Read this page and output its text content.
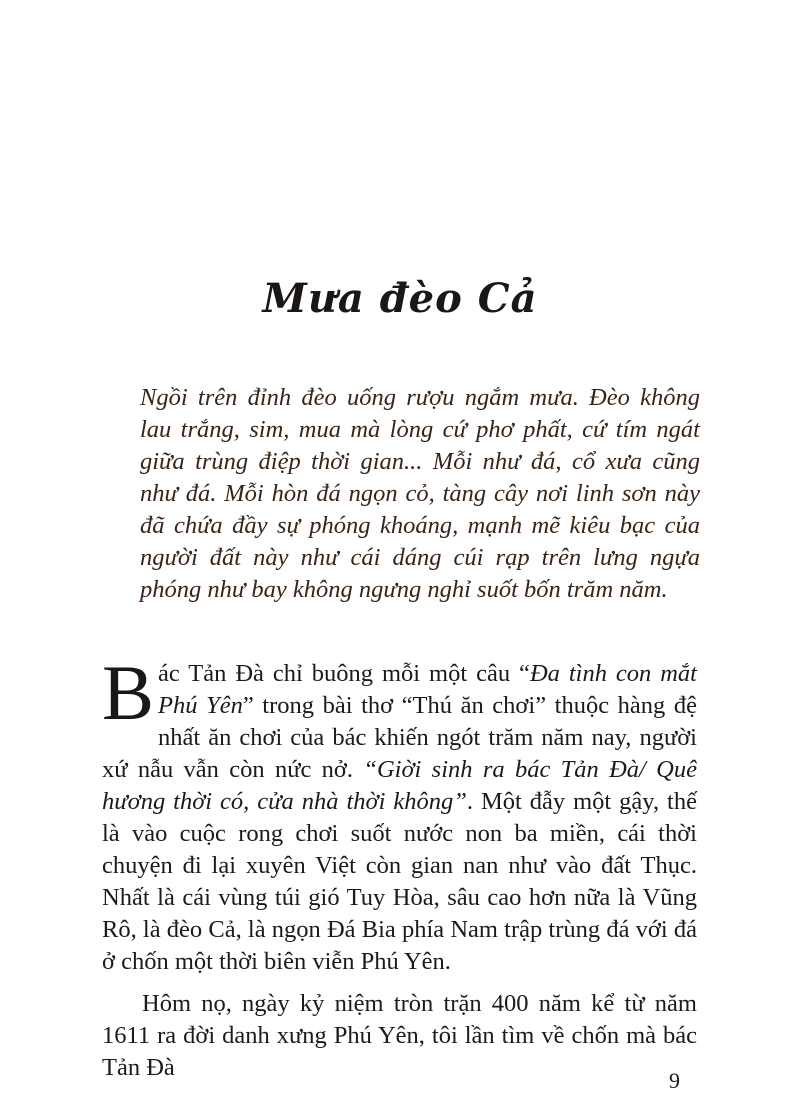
Mưa đèo Cả

Ngồi trên đỉnh đèo uống rượu ngắm mưa. Đèo không lau trắng, sim, mua mà lòng cứ phơ phất, cứ tím ngát giữa trùng điệp thời gian... Mỗi như đá, cổ xưa cũng như đá. Mỗi hòn đá ngọn cỏ, tàng cây nơi linh sơn này đã chứa đầy sự phóng khoáng, mạnh mẽ kiêu bạc của người đất này như cái dáng cúi rạp trên lưng ngựa phóng như bay không ngưng nghỉ suốt bốn trăm năm.

Bác Tản Đà chỉ buông mỗi một câu “Đa tình con mắt Phú Yên” trong bài thơ “Thú ăn chơi” thuộc hàng đệ nhất ăn chơi của bác khiến ngót trăm năm nay, người xứ nẫu vẫn còn nức nở. “Giời sinh ra bác Tản Đà/ Quê hương thời có, cửa nhà thời không”. Một đẫy một gậy, thế là vào cuộc rong chơi suốt nước non ba miền, cái thời chuyện đi lại xuyên Việt còn gian nan như vào đất Thục. Nhất là cái vùng túi gió Tuy Hòa, sâu cao hơn nữa là Vũng Rô, là đèo Cả, là ngọn Đá Bia phía Nam trập trùng đá với đá ở chốn một thời biên viễn Phú Yên.

Hôm nọ, ngày kỷ niệm tròn trặn 400 năm kể từ năm 1611 ra đời danh xưng Phú Yên, tôi lần tìm về chốn mà bác Tản Đà	9
